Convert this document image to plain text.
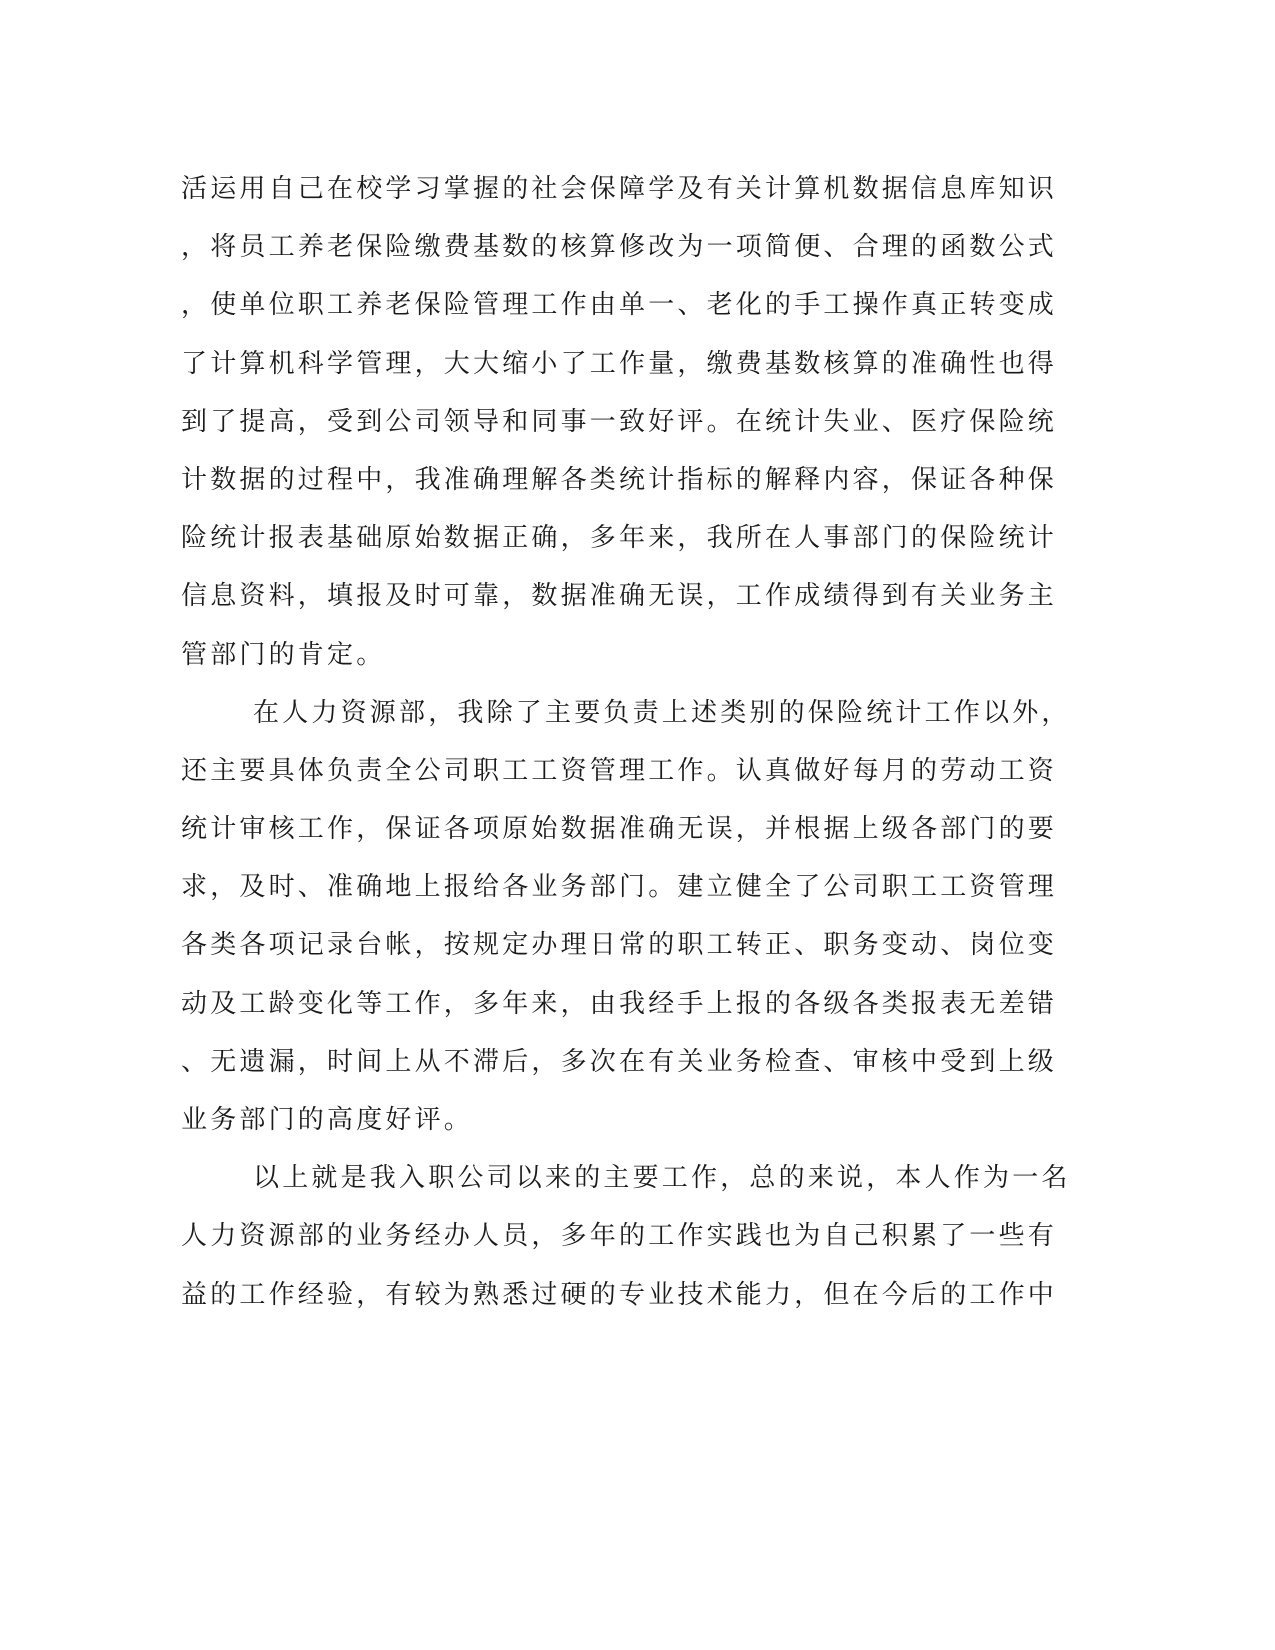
活运用自己在校学习掌握的社会保障学及有关计算机数据信息库知识
，将员工养老保险缴费基数的核算修改为一项简便、合理的函数公式
，使单位职工养老保险管理工作由单一、老化的手工操作真正转变成
了计算机科学管理，大大缩小了工作量，缴费基数核算的准确性也得
到了提高，受到公司领导和同事一致好评。在统计失业、医疗保险统
计数据的过程中，我准确理解各类统计指标的解释内容，保证各种保
险统计报表基础原始数据正确，多年来，我所在人事部门的保险统计
信息资料，填报及时可靠，数据准确无误，工作成绩得到有关业务主
管部门的肯定。
在人力资源部，我除了主要负责上述类别的保险统计工作以外，
还主要具体负责全公司职工工资管理工作。认真做好每月的劳动工资
统计审核工作，保证各项原始数据准确无误，并根据上级各部门的要
求，及时、准确地上报给各业务部门。建立健全了公司职工工资管理
各类各项记录台帐，按规定办理日常的职工转正、职务变动、岗位变
动及工龄变化等工作，多年来，由我经手上报的各级各类报表无差错
、无遗漏，时间上从不滞后，多次在有关业务检查、审核中受到上级
业务部门的高度好评。
以上就是我入职公司以来的主要工作，总的来说，本人作为一名
人力资源部的业务经办人员，多年的工作实践也为自己积累了一些有
益的工作经验，有较为熟悉过硬的专业技术能力，但在今后的工作中
